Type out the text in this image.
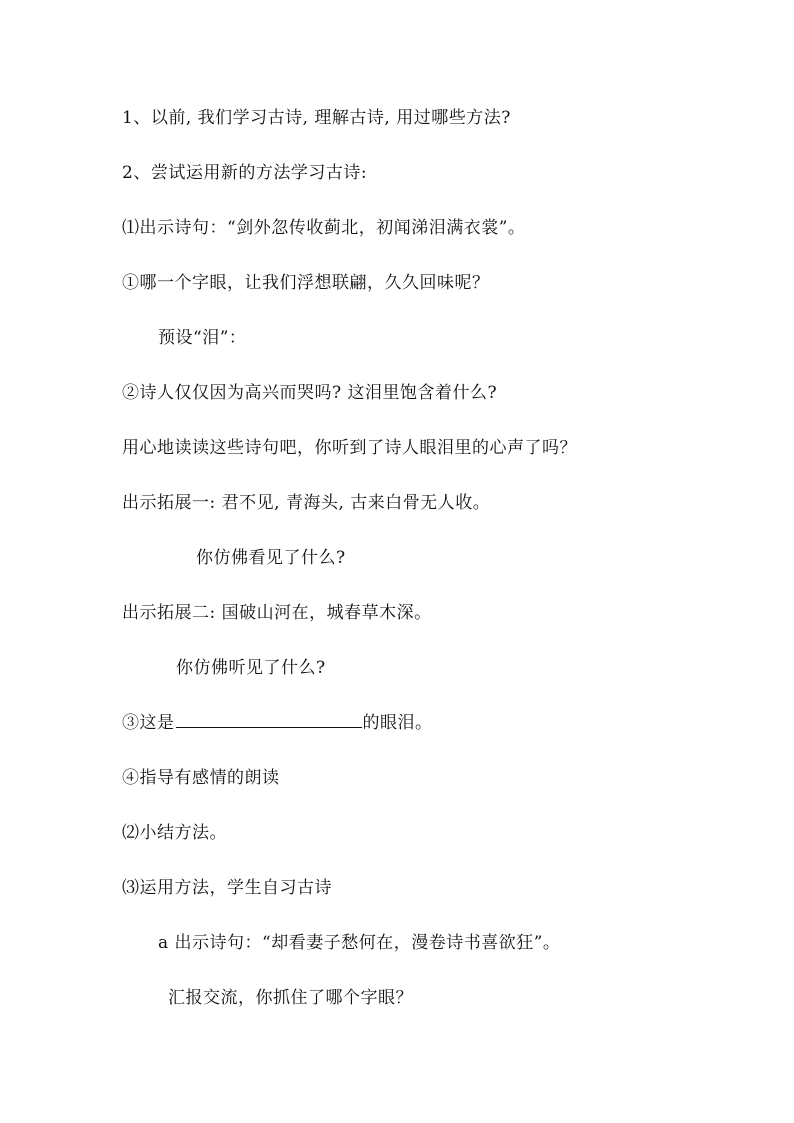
1、以前, 我们学习古诗, 理解古诗, 用过哪些方法?
2、尝试运用新的方法学习古诗:
⑴出示诗句：“剑外忽传收蓟北，初闻涕泪满衣裳”。
①哪一个字眼，让我们浮想联翩，久久回味呢？
预设“泪”：
②诗人仅仅因为高兴而哭吗? 这泪里饱含着什么?
用心地读读这些诗句吧，你听到了诗人眼泪里的心声了吗？
出示拓展一: 君不见, 青海头, 古来白骨无人收。
你仿佛看见了什么?
出示拓展二: 国破山河在，城春草木深。
你仿佛听见了什么?
③这是	的眼泪。
④指导有感情的朗读
⑵小结方法。
⑶运用方法，学生自习古诗
a 出示诗句：“却看妻子愁何在，漫卷诗书喜欲狂”。
汇报交流，你抓住了哪个字眼？
